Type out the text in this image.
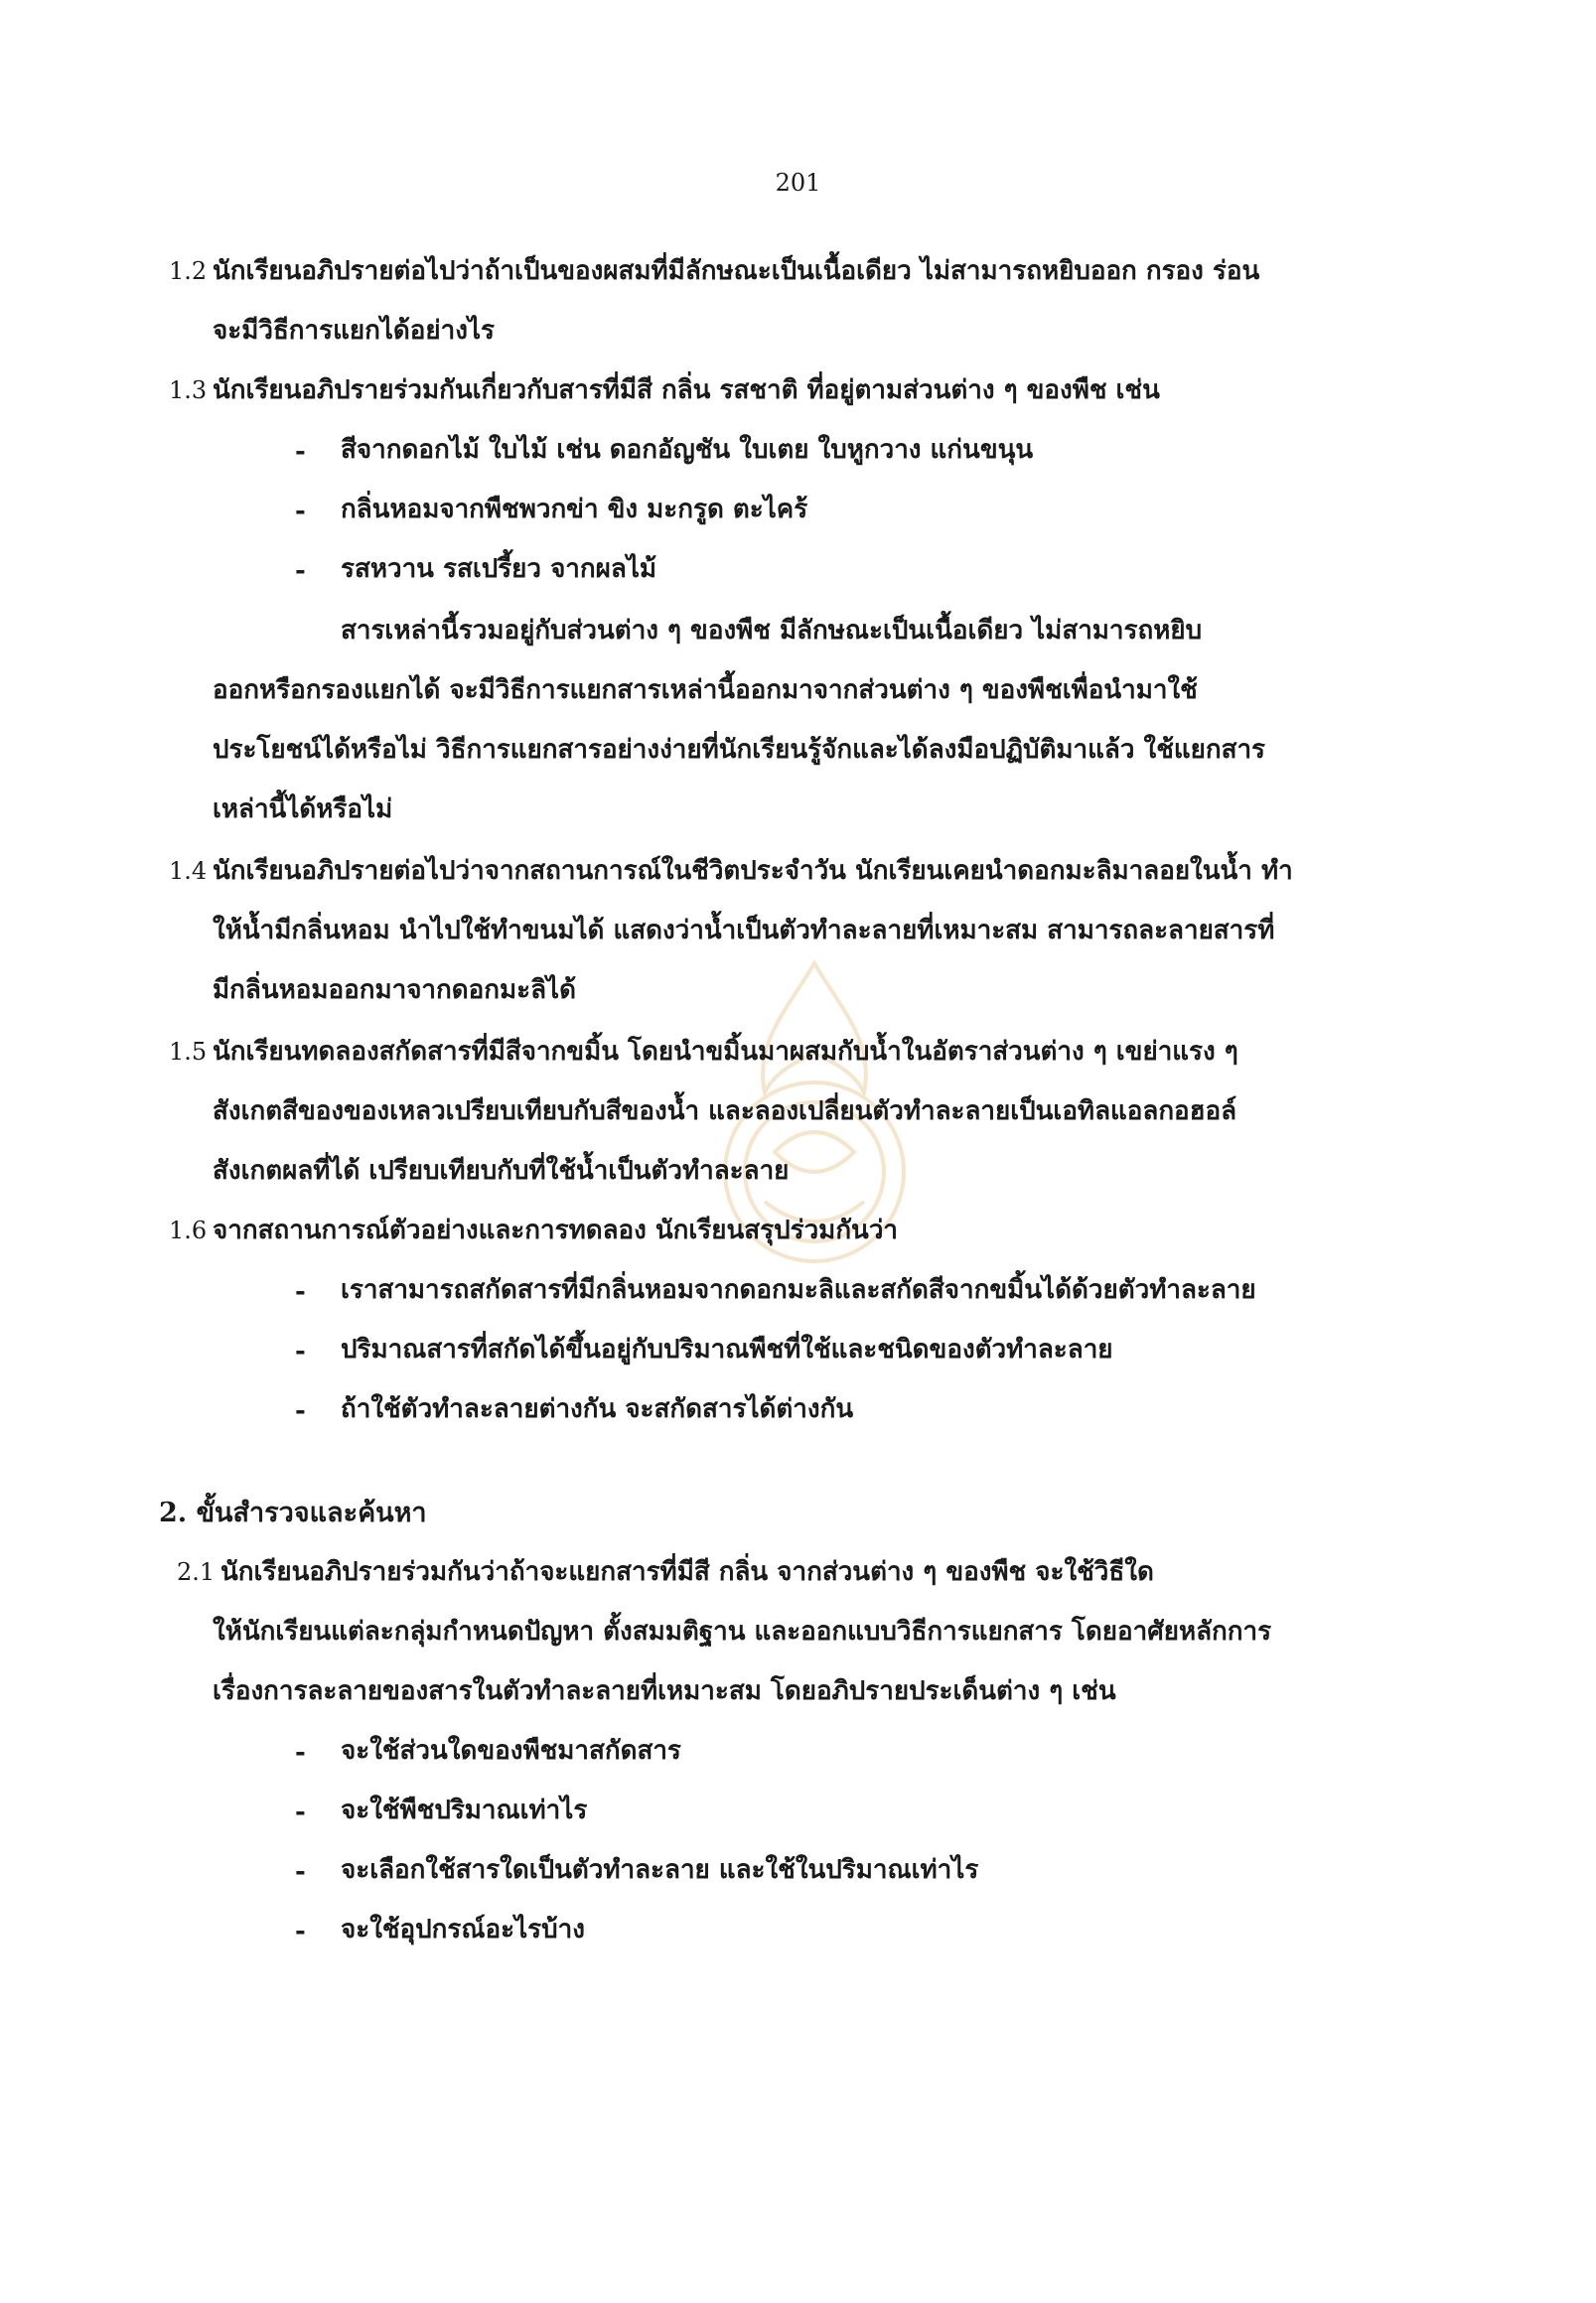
201
1.2 นักเรียนอภิปรายต่อไปว่าถ้าเป็นของผสมที่มีลักษณะเป็นเนื้อเดียว ไม่สามารถหยิบออก กรอง ร่อน
จะมีวิธีการแยกได้อย่างไร
1.3 นักเรียนอภิปรายร่วมกันเกี่ยวกับสารที่มีสี กลิ่น รสชาติ ที่อยู่ตามส่วนต่าง ๆ ของพืช เช่น
-	สีจากดอกไม้ ใบไม้ เช่น ดอกอัญชัน ใบเตย ใบหูกวาง แก่นขนุน
-	กลิ่นหอมจากพืชพวกข่า ขิง มะกรูด ตะไคร้
-	รสหวาน รสเปรี้ยว จากผลไม้
สารเหล่านี้รวมอยู่กับส่วนต่าง ๆ ของพืช มีลักษณะเป็นเนื้อเดียว ไม่สามารถหยิบ
ออกหรือกรองแยกได้ จะมีวิธีการแยกสารเหล่านี้ออกมาจากส่วนต่าง ๆ ของพืชเพื่อนำมาใช้
ประโยชน์ได้หรือไม่ วิธีการแยกสารอย่างง่ายที่นักเรียนรู้จักและได้ลงมือปฏิบัติมาแล้ว ใช้แยกสาร
เหล่านี้ได้หรือไม่
1.4 นักเรียนอภิปรายต่อไปว่าจากสถานการณ์ในชีวิตประจำวัน นักเรียนเคยนำดอกมะลิมาลอยในน้ำ ทำ
ให้น้ำมีกลิ่นหอม นำไปใช้ทำขนมได้ แสดงว่าน้ำเป็นตัวทำละลายที่เหมาะสม สามารถละลายสารที่
มีกลิ่นหอมออกมาจากดอกมะลิได้
1.5 นักเรียนทดลองสกัดสารที่มีสีจากขมิ้น โดยนำขมิ้นมาผสมกับน้ำในอัตราส่วนต่าง ๆ เขย่าแรง ๆ
สังเกตสีของของเหลวเปรียบเทียบกับสีของน้ำ และลองเปลี่ยนตัวทำละลายเป็นเอทิลแอลกอฮอล์
สังเกตผลที่ได้ เปรียบเทียบกับที่ใช้น้ำเป็นตัวทำละลาย
1.6 จากสถานการณ์ตัวอย่างและการทดลอง นักเรียนสรุปร่วมกันว่า
-	เราสามารถสกัดสารที่มีกลิ่นหอมจากดอกมะลิและสกัดสีจากขมิ้นได้ด้วยตัวทำละลาย
-	ปริมาณสารที่สกัดได้ขึ้นอยู่กับปริมาณพืชที่ใช้และชนิดของตัวทำละลาย
-	ถ้าใช้ตัวทำละลายต่างกัน จะสกัดสารได้ต่างกัน
2. ขั้นสำรวจและค้นหา
2.1 นักเรียนอภิปรายร่วมกันว่าถ้าจะแยกสารที่มีสี กลิ่น จากส่วนต่าง ๆ ของพืช จะใช้วิธีใด
ให้นักเรียนแต่ละกลุ่มกำหนดปัญหา ตั้งสมมติฐาน และออกแบบวิธีการแยกสาร โดยอาศัยหลักการ
เรื่องการละลายของสารในตัวทำละลายที่เหมาะสม โดยอภิปรายประเด็นต่าง ๆ เช่น
-	จะใช้ส่วนใดของพืชมาสกัดสาร
-	จะใช้พืชปริมาณเท่าไร
-	จะเลือกใช้สารใดเป็นตัวทำละลาย และใช้ในปริมาณเท่าไร
-	จะใช้อุปกรณ์อะไรบ้าง
